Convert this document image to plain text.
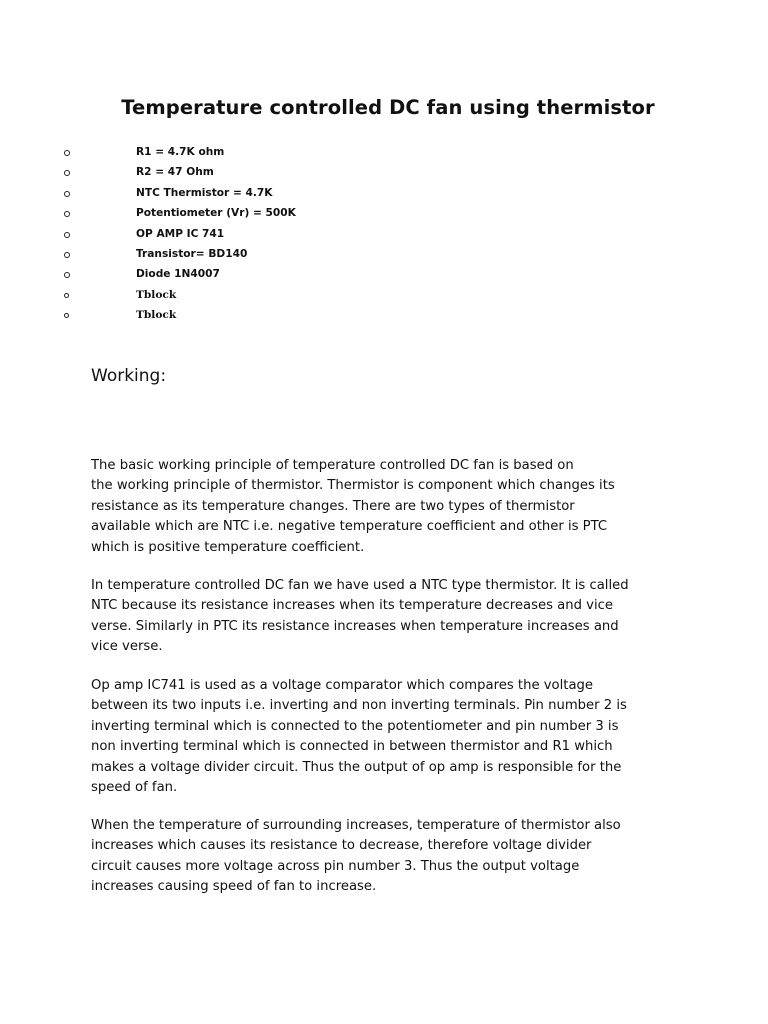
Temperature controlled DC fan using thermistor
R1 = 4.7K ohm
R2 = 47 Ohm
NTC Thermistor = 4.7K
Potentiometer (Vr) = 500K
OP AMP IC 741
Transistor= BD140
Diode 1N4007
Tblock
Tblock
Working:

The basic working principle of temperature controlled DC fan is based on
the working principle of thermistor. Thermistor is component which changes its
resistance as its temperature changes. There are two types of thermistor
available which are NTC i.e. negative temperature coefficient and other is PTC
which is positive temperature coefficient.

In temperature controlled DC fan we have used a NTC type thermistor. It is called
NTC because its resistance increases when its temperature decreases and vice
verse. Similarly in PTC its resistance increases when temperature increases and
vice verse.

Op amp IC741 is used as a voltage comparator which compares the voltage
between its two inputs i.e. inverting and non inverting terminals. Pin number 2 is
inverting terminal which is connected to the potentiometer and pin number 3 is
non inverting terminal which is connected in between thermistor and R1 which
makes a voltage divider circuit. Thus the output of op amp is responsible for the
speed of fan.

When the temperature of surrounding increases, temperature of thermistor also
increases which causes its resistance to decrease, therefore voltage divider
circuit causes more voltage across pin number 3. Thus the output voltage
increases causing speed of fan to increase.
